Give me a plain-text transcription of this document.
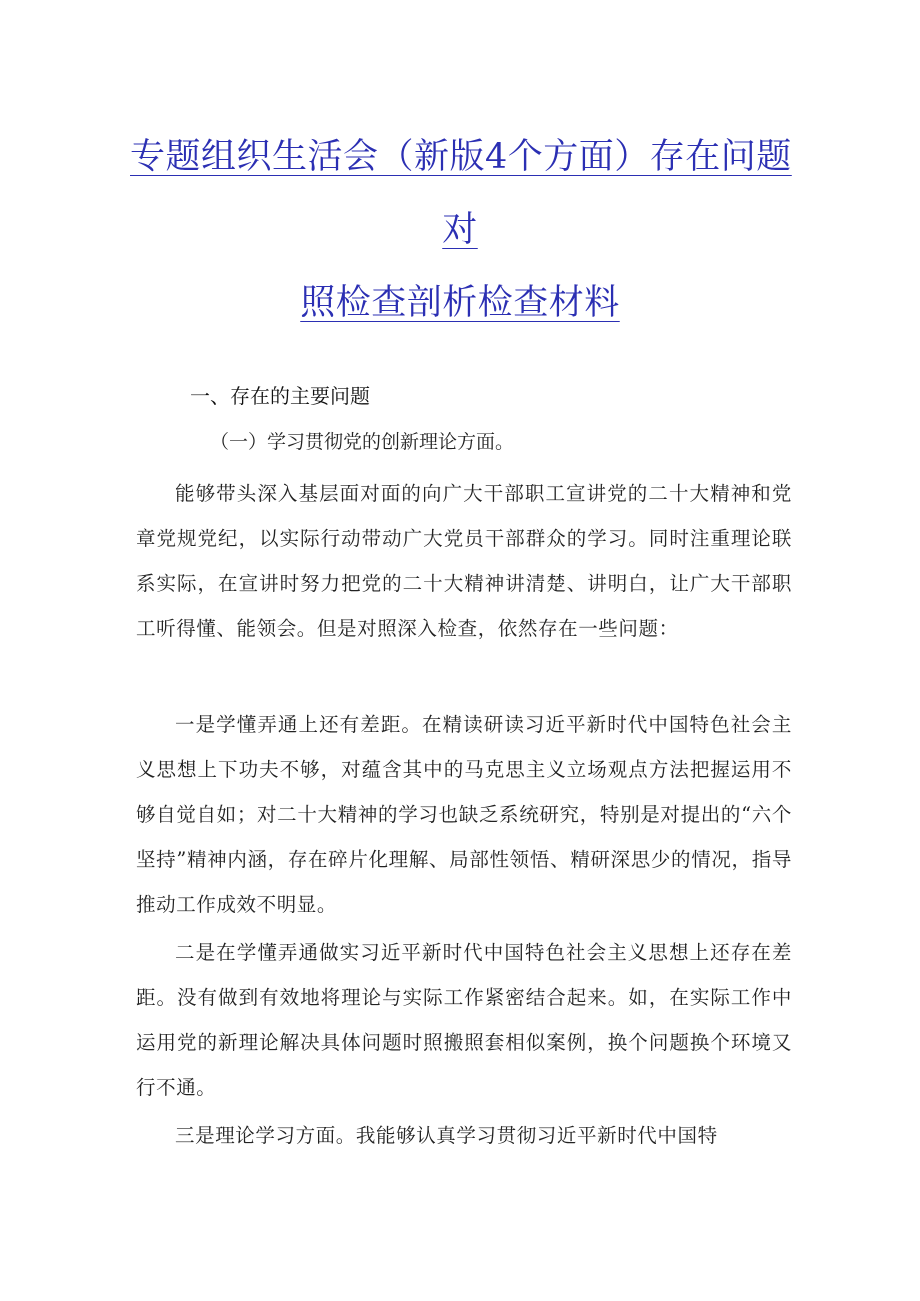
专题组织生活会（新版4个方面）存在问题
对
照检查剖析检查材料
一、存在的主要问题
（一）学习贯彻党的创新理论方面。

能够带头深入基层面对面的向广大干部职工宣讲党的二十大精神和党章党规党纪，以实际行动带动广大党员干部群众的学习。同时注重理论联系实际，在宣讲时努力把党的二十大精神讲清楚、讲明白，让广大干部职工听得懂、能领会。但是对照深入检查，依然存在一些问题：

一是学懂弄通上还有差距。在精读研读习近平新时代中国特色社会主义思想上下功夫不够，对蕴含其中的马克思主义立场观点方法把握运用不够自觉自如；对二十大精神的学习也缺乏系统研究，特别是对提出的“六个坚持”精神内涵，存在碎片化理解、局部性领悟、精研深思少的情况，指导推动工作成效不明显。

二是在学懂弄通做实习近平新时代中国特色社会主义思想上还存在差距。没有做到有效地将理论与实际工作紧密结合起来。如，在实际工作中运用党的新理论解决具体问题时照搬照套相似案例，换个问题换个环境又行不通。

三是理论学习方面。我能够认真学习贯彻习近平新时代中国特
